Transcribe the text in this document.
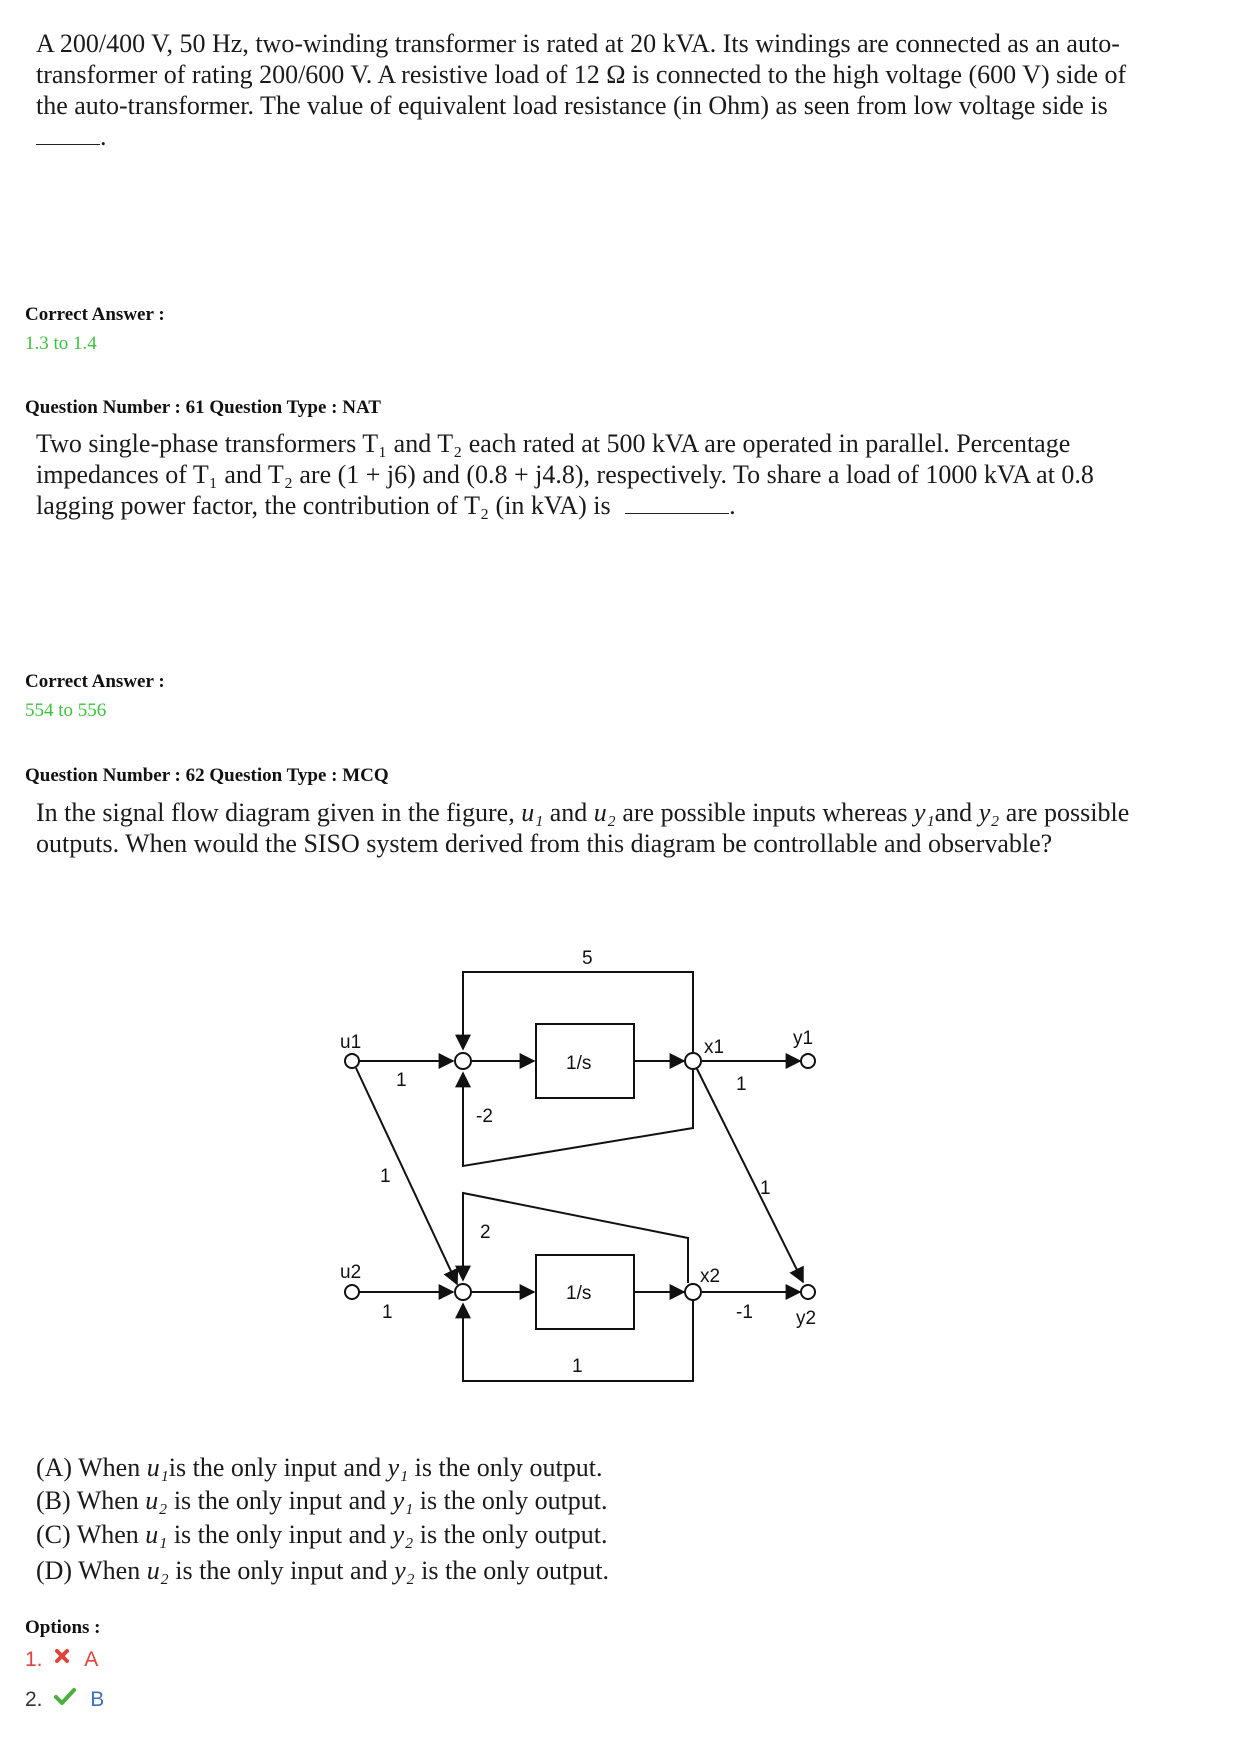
A 200/400 V, 50 Hz, two-winding transformer is rated at 20 kVA. Its windings are connected as an auto-transformer of rating 200/600 V. A resistive load of 12 Ω is connected to the high voltage (600 V) side of the auto-transformer. The value of equivalent load resistance (in Ohm) as seen from low voltage side is .
Correct Answer :
1.3 to 1.4
Question Number : 61 Question Type : NAT
Two single-phase transformers T₁ and T₂ each rated at 500 kVA are operated in parallel. Percentage impedances of T₁ and T₂ are (1 + j6) and (0.8 + j4.8), respectively. To share a load of 1000 kVA at 0.8 lagging power factor, the contribution of T₂ (in kVA) is	.
Correct Answer :
554 to 556
Question Number : 62 Question Type : MCQ
In the signal flow diagram given in the figure, u₁ and u₂ are possible inputs whereas y₁and y₂ are possible outputs. When would the SISO system derived from this diagram be controllable and observable?
u1
u2
x1
x2
y1
y2
1/s
1/s
5
1
1
1
1
-2
2
1
1
-1
(A) When u₁is the only input and y₁ is the only output.
(B) When u₂ is the only input and y₁ is the only output.
(C) When u₁ is the only input and y₂ is the only output.
(D) When u₂ is the only input and y₂ is the only output.
Options :
1. A
2. B
